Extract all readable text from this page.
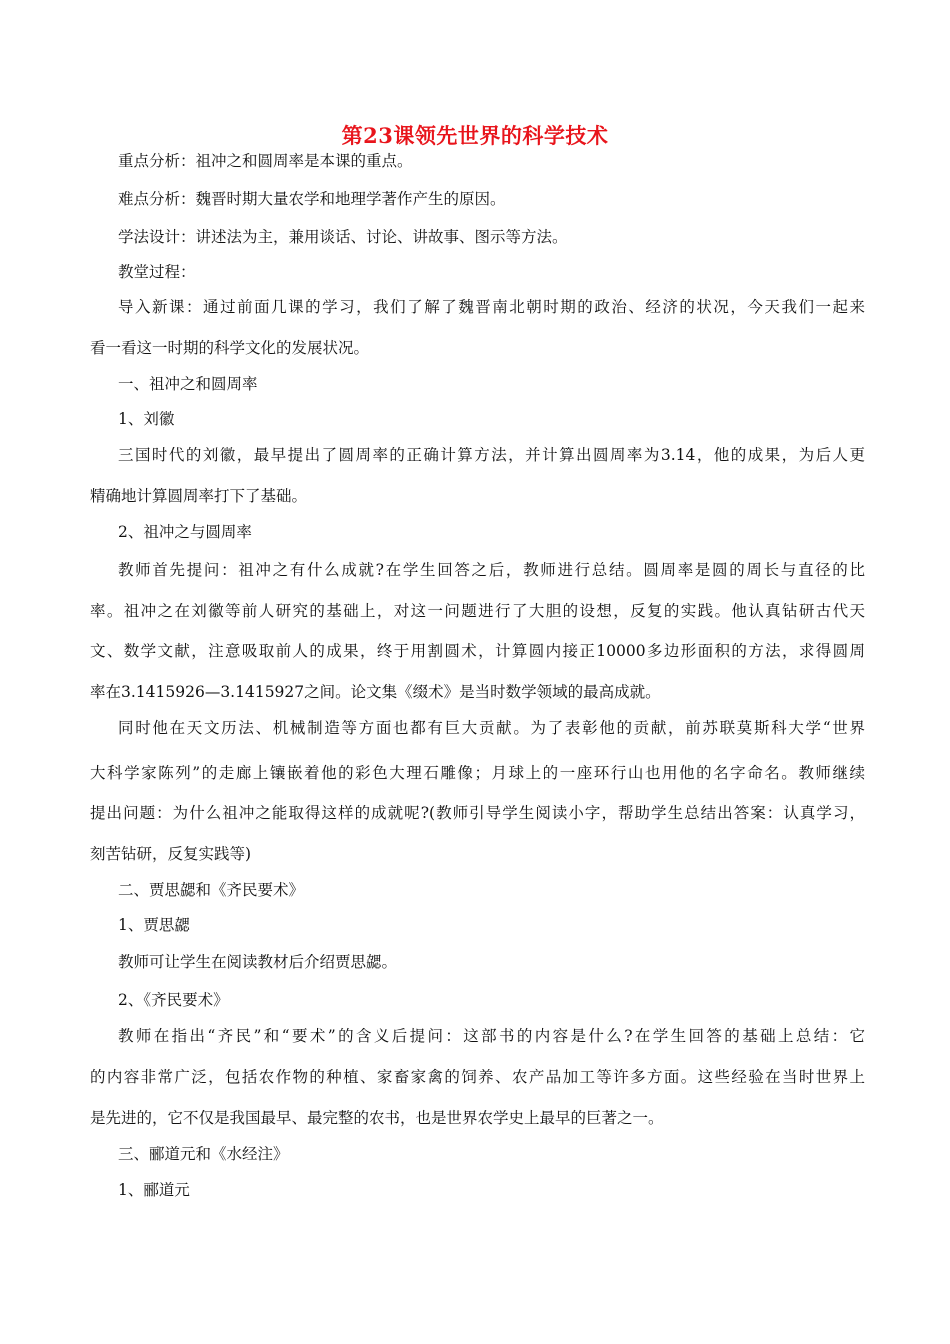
第23课领先世界的科学技术
重点分析：祖冲之和圆周率是本课的重点。
难点分析：魏晋时期大量农学和地理学著作产生的原因。
学法设计：讲述法为主，兼用谈话、讨论、讲故事、图示等方法。
教堂过程：
导入新课：通过前面几课的学习，我们了解了魏晋南北朝时期的政治、经济的状况，今天我们一起来
看一看这一时期的科学文化的发展状况。
一、祖冲之和圆周率
1、刘徽
三国时代的刘徽，最早提出了圆周率的正确计算方法，并计算出圆周率为3.14，他的成果，为后人更
精确地计算圆周率打下了基础。
2、祖冲之与圆周率
教师首先提问：祖冲之有什么成就?在学生回答之后，教师进行总结。圆周率是圆的周长与直径的比
率。祖冲之在刘徽等前人研究的基础上，对这一问题进行了大胆的设想，反复的实践。他认真钻研古代天
文、数学文献，注意吸取前人的成果，终于用割圆术，计算圆内接正10000多边形面积的方法，求得圆周
率在3.1415926—3.1415927之间。论文集《缀术》是当时数学领域的最高成就。
同时他在天文历法、机械制造等方面也都有巨大贡献。为了表彰他的贡献，前苏联莫斯科大学“世界
大科学家陈列”的走廊上镶嵌着他的彩色大理石雕像；月球上的一座环行山也用他的名字命名。教师继续
提出问题：为什么祖冲之能取得这样的成就呢?(教师引导学生阅读小字，帮助学生总结出答案：认真学习，
刻苦钻研，反复实践等)
二、贾思勰和《齐民要术》
1、贾思勰
教师可让学生在阅读教材后介绍贾思勰。
2、《齐民要术》
教师在指出“齐民”和“要术”的含义后提问：这部书的内容是什么?在学生回答的基础上总结：它
的内容非常广泛，包括农作物的种植、家畜家禽的饲养、农产品加工等许多方面。这些经验在当时世界上
是先进的，它不仅是我国最早、最完整的农书，也是世界农学史上最早的巨著之一。
三、郦道元和《水经注》
1、郦道元
